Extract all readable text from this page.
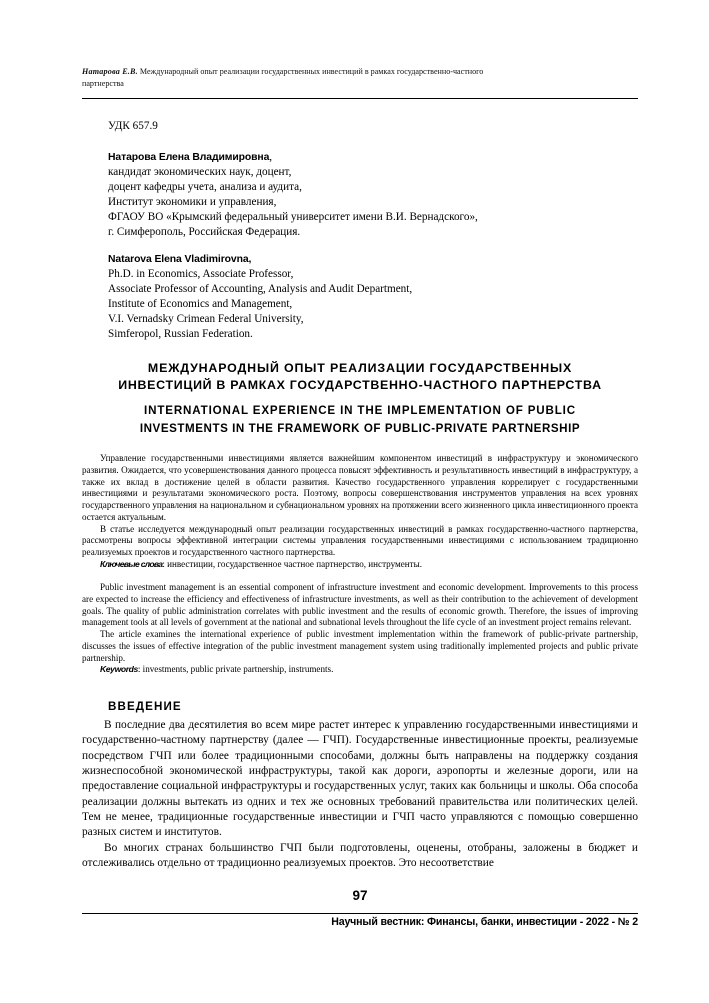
Натарова Е.В. Международный опыт реализации государственных инвестиций в рамках государственно-частного
партнерства
УДК 657.9
Натарова Елена Владимировна,
кандидат экономических наук, доцент,
доцент кафедры учета, анализа и аудита,
Институт экономики и управления,
ФГАОУ ВО «Крымский федеральный университет имени В.И. Вернадского»,
г. Симферополь, Российская Федерация.
Natarova Elena Vladimirovna,
Ph.D. in Economics, Associate Professor,
Associate Professor of Accounting, Analysis and Audit Department,
Institute of Economics and Management,
V.I. Vernadsky Crimean Federal University,
Simferopol, Russian Federation.
МЕЖДУНАРОДНЫЙ ОПЫТ РЕАЛИЗАЦИИ ГОСУДАРСТВЕННЫХ
ИНВЕСТИЦИЙ В РАМКАХ ГОСУДАРСТВЕННО-ЧАСТНОГО ПАРТНЕРСТВА
INTERNATIONAL EXPERIENCE IN THE IMPLEMENTATION OF PUBLIC
INVESTMENTS IN THE FRAMEWORK OF PUBLIC-PRIVATE PARTNERSHIP

Управление государственными инвестициями является важнейшим компонентом инвестиций в инфраструктуру и экономического развития. Ожидается, что усовершенствования данного процесса повысят эффективность и результативность инвестиций в инфраструктуру, а также их вклад в достижение целей в области развития. Качество государственного управления коррелирует с государственными инвестициями и результатами экономического роста. Поэтому, вопросы совершенствования инструментов управления на всех уровнях государственного управления на национальном и субнациональном уровнях на протяжении всего жизненного цикла инвестиционного проекта остается актуальным.

В статье исследуется международный опыт реализации государственных инвестиций в рамках государственно-частного партнерства, рассмотрены вопросы эффективной интеграции системы управления государственными инвестициями с использованием традиционно реализуемых проектов и государственного частного партнерства.

Ключевые слова: инвестиции, государственное частное партнерство, инструменты.

Public investment management is an essential component of infrastructure investment and economic development. Improvements to this process are expected to increase the efficiency and effectiveness of infrastructure investments, as well as their contribution to the achievement of development goals. The quality of public administration correlates with public investment and the results of economic growth. Therefore, the issues of improving management tools at all levels of government at the national and subnational levels throughout the life cycle of an investment project remains relevant.

The article examines the international experience of public investment implementation within the framework of public-private partnership, discusses the issues of effective integration of the public investment management system using traditionally implemented projects and public private partnership.

Keywords: investments, public private partnership, instruments.

ВВЕДЕНИЕ

В последние два десятилетия во всем мире растет интерес к управлению государственными инвестициями и государственно-частному партнерству (далее — ГЧП). Государственные инвестиционные проекты, реализуемые посредством ГЧП или более традиционными способами, должны быть направлены на поддержку создания жизнеспособной экономической инфраструктуры, такой как дороги, аэропорты и железные дороги, или на предоставление социальной инфраструктуры и государственных услуг, таких как больницы и школы. Оба способа реализации должны вытекать из одних и тех же основных требований правительства или политических целей. Тем не менее, традиционные государственные инвестиции и ГЧП часто управляются с помощью совершенно разных систем и институтов.

Во многих странах большинство ГЧП были подготовлены, оценены, отобраны, заложены в бюджет и отслеживались отдельно от традиционно реализуемых проектов. Это несоответствие

97
Научный вестник: Финансы, банки, инвестиции - 2022 - № 2
